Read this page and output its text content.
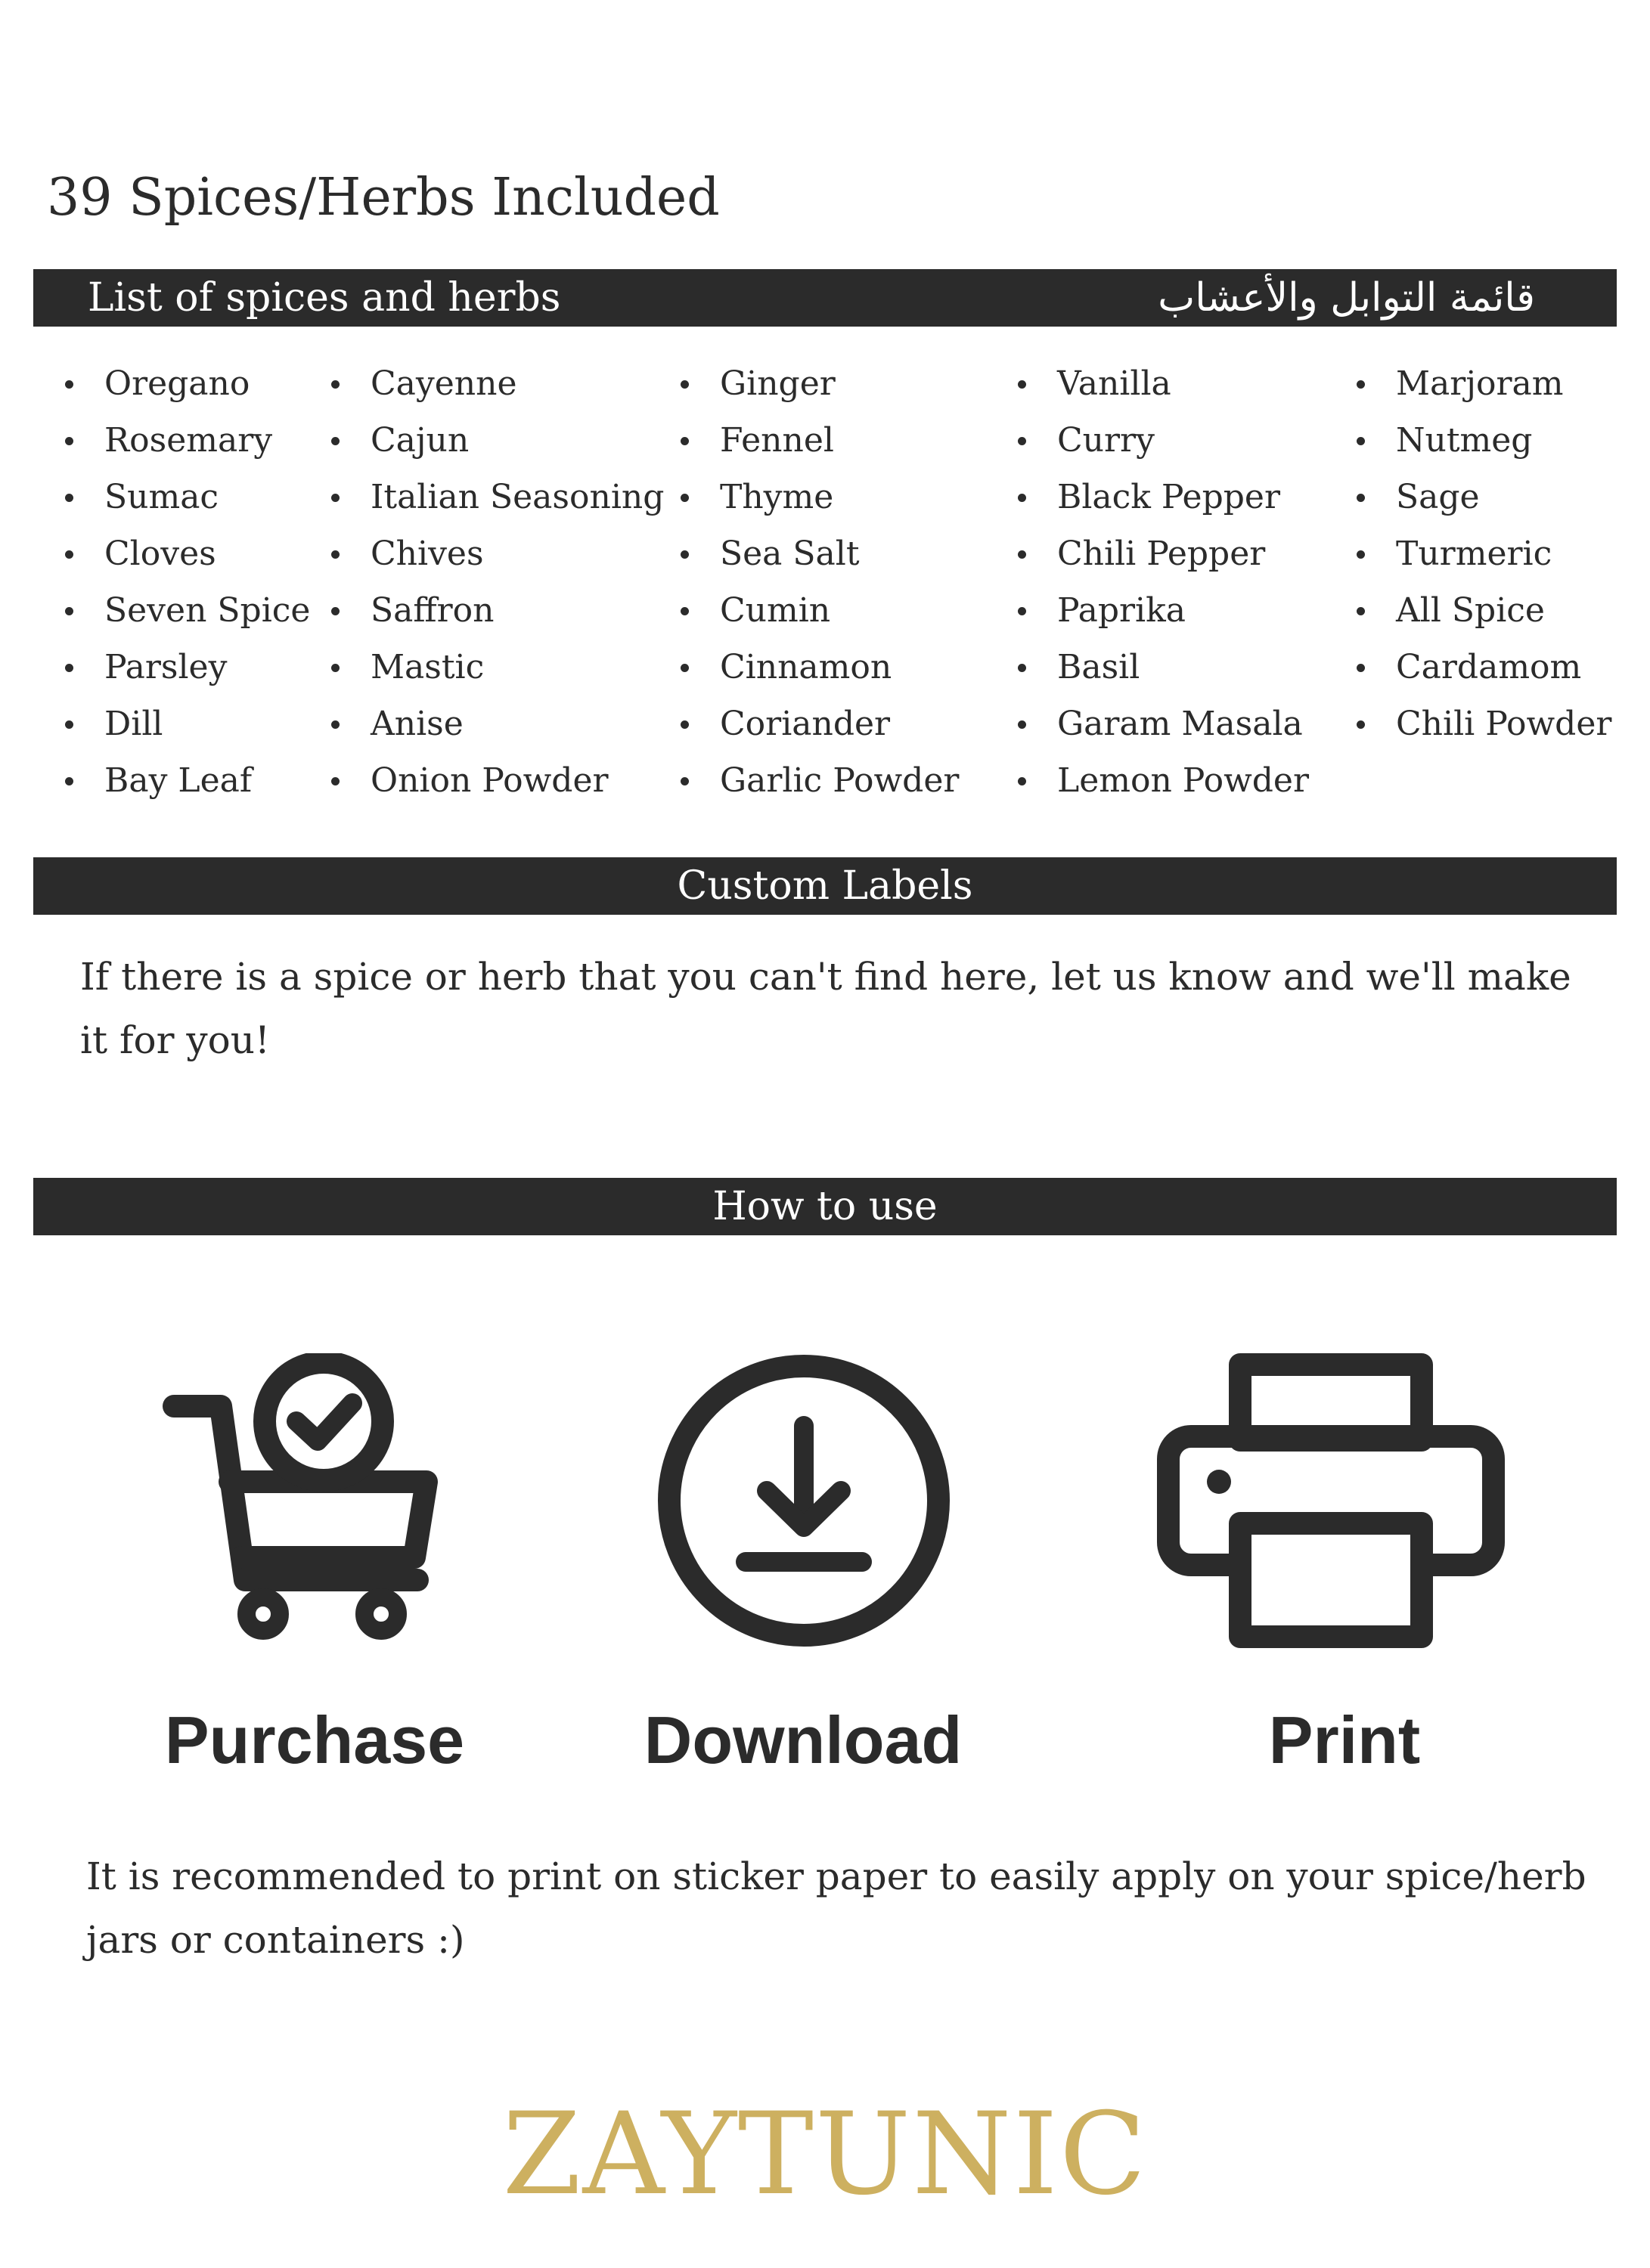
39 Spices/Herbs Included
List of spices and herbs	قائمة التوابل والأعشاب
Oregano
Rosemary
Sumac
Cloves
Seven Spice
Parsley
Dill
Bay Leaf
Cayenne
Cajun
Italian Seasoning
Chives
Saffron
Mastic
Anise
Onion Powder
Ginger
Fennel
Thyme
Sea Salt
Cumin
Cinnamon
Coriander
Garlic Powder
Vanilla
Curry
Black Pepper
Chili Pepper
Paprika
Basil
Garam Masala
Lemon Powder
Marjoram
Nutmeg
Sage
Turmeric
All Spice
Cardamom
Chili Powder
Custom Labels
If there is a spice or herb that you can't find here, let us know and we'll make it for you!
How to use
Purchase	Download	Print
It is recommended to print on sticker paper to easily apply on your spice/herb jars or containers :)
ZAYTUNIC
